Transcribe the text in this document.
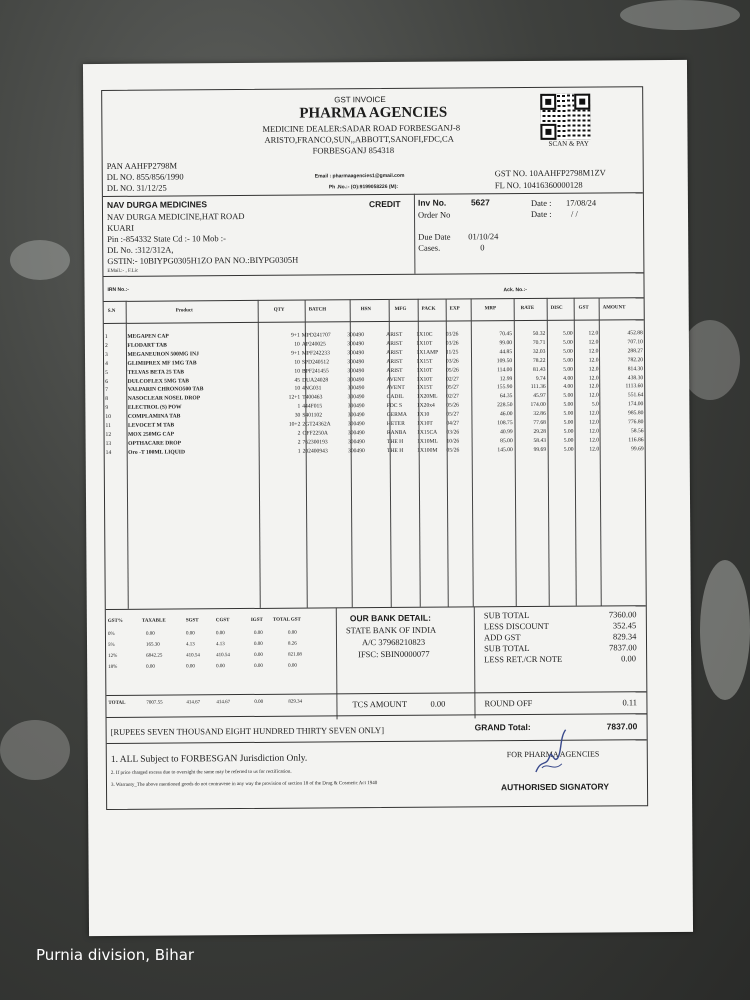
GST INVOICE
PHARMA AGENCIES
MEDICINE DEALER:SADAR ROAD FORBESGANJ-8
ARISTO,FRANCO,SUN,,ABBOTT,SANOFI,FDC,CA
FORBESGANJ 854318
SCAN & PAY
PAN AAHFP2798M
DL NO. 855/856/1990
DL NO. 31/12/25
Email : pharmaagencies1@gmail.com
Ph .No.:- (O):9199058226 (M):
GST NO. 10AAHFP2798M1ZV
FL NO. 10416360000128
NAV DURGA MEDICINES	CREDIT
NAV DURGA MEDICINE,HAT ROAD
KUARI
Pin :-854332 State Cd :- 10 Mob :-
DL No. :312/312A,
GSTIN:- 10BIYPG0305H1ZO PAN NO.:BIYPG0305H
EMail.:- , F.Lic
Inv No.	5627	Date : 17/08/24
Order No	Date : / /
Due Date 01/10/24
Cases.	0
IRN No.:-	Ack. No.:-
S.N	Product	QTY	BATCH	HSN	MFG	PACK	EXP	MRP	RATE	DISC	GST	AMOUNT
1	MEGAPEN CAP	9+1	MPD241707	300490	ARIST	1X10C	03/26	70.45	50.32	5.00	12.0	452.88
2	FLODART TAB	10	AP240025	300490	ARIST	1X10T	03/26	99.00	70.71	5.00	12.0	707.10
3	MEGANEURON 500MG INJ	9+1	MPF242233	300490	ARIST	1X1AMP	11/25	44.85	32.03	5.00	12.0	288.27
4	GLIMIPREX MF 1MG TAB	10	SPD240512	300490	ARIST	1X15T	03/26	109.50	78.22	5.00	12.0	782.20
5	TELVAS BETA 25 TAB	10	BPF241455	300490	ARIST	1X10T	05/26	114.00	81.43	5.00	12.0	814.30
6	DULCOFLEX 5MG TAB	45	DUA24028	300490	AVENT	1X10T	02/27	12.99	9.74	4.00	12.0	438.30
7	VALPARIN CHRONO500 TAB	10	4NG031	300490	AVENT	1X15T	05/27	155.90	111.36	4.00	12.0	1113.60
8	NASOCLEAR NOSEL DROP	12+1	T400463	300490	CADIL	1X20ML	02/27	64.35	45.97	5.00	12.0	551.64
9	ELECTROL (S) POW	1	444F015	300490	FDC S	1X20x4	05/26	228.50	174.00	5.00	5.0	174.00
10	COMPLAMINA TAB	30	S401102	300490	GERMA	1X10	05/27	46.00	32.86	5.00	12.0	985.80
11	LEVOCET M TAB	10+2	2GT24362A	300490	HETER	1X10T	04/27	108.75	77.68	5.00	12.0	776.80
12	MOX 250MG CAP	2	OFF2250A	300490	RANBA	1X15CA	03/26	40.99	29.28	5.00	12.0	58.56
13	OPTHACARE DROP	2	762300193	300490	THE H	1X10ML	10/26	85.00	58.43	5.00	12.0	116.86
14	Oro -T 100ML LIQUID	1	202400943	300490	THE H	1X100M	05/26	145.00	99.69	5.00	12.0	99.69
GST%	TAXABLE	SGST	CGST	IGST TOTAL GST
0%	0.00	0.00	0.00	0.00	0.00
5%	165.30	4.13	4.13	0.00	8.26
12%	6842.25	410.54	410.54	0.00	821.08
18%	0.00	0.00	0.00	0.00	0.00
TOTAL	7007.55	414.67	414.67	0.00	829.34
OUR BANK DETAIL:
STATE BANK OF INDIA
A/C 37968210823
IFSC: SBIN0000077
TCS AMOUNT	0.00
SUB TOTAL	7360.00
LESS DISCOUNT	352.45
ADD GST	829.34
SUB TOTAL	7837.00
LESS RET./CR NOTE	0.00
ROUND OFF	0.11
[RUPEES SEVEN THOUSAND EIGHT HUNDRED THIRTY SEVEN ONLY]	GRAND Total:	7837.00
1. ALL Subject to FORBESGAN Jurisdiction Only.
2. If price charged excess due to oversight the same may be referred to us for rectification.
3. Warranty_The above mentioned goods do not contravene in any way the provision of section 18 of the Drug & Cosmetic Act 1940
FOR PHARMA AGENCIES
AUTHORISED SIGNATORY
Purnia division, Bihar
